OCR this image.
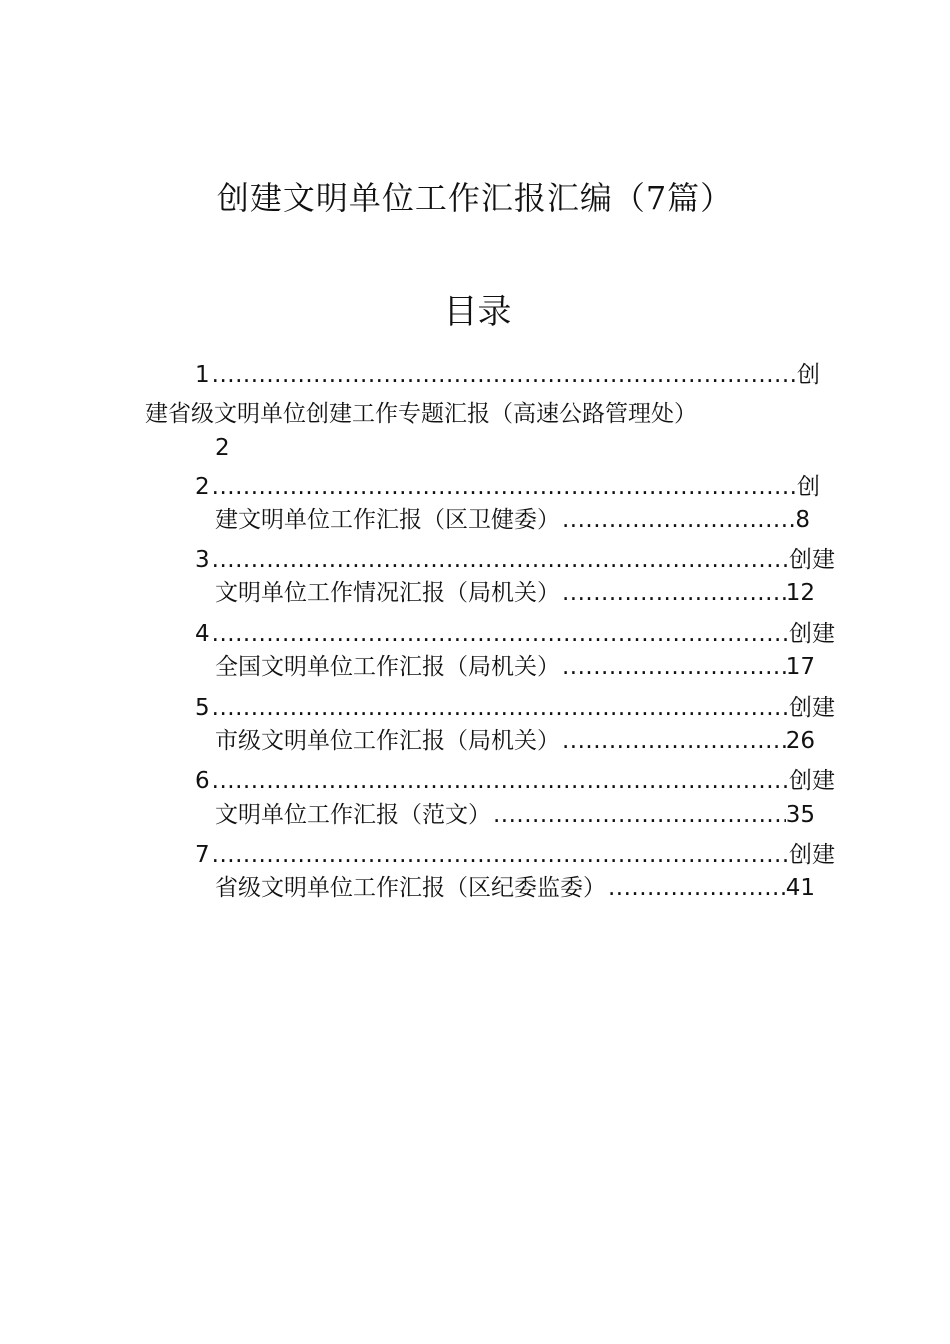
创建文明单位工作汇报汇编（7篇）
目录
1 .....	创
建省级文明单位创建工作专题汇报（高速公路管理处）
2
2 .....	创
建文明单位工作汇报（区卫健委） .....	8
3 .....	创建
文明单位工作情况汇报（局机关） .....	12
4 .....	创建
全国文明单位工作汇报（局机关） .....	17
5 .....	创建
市级文明单位工作汇报（局机关） .....	26
6 .....	创建
文明单位工作汇报（范文） .....	35
7 .....	创建
省级文明单位工作汇报（区纪委监委） .....	41
